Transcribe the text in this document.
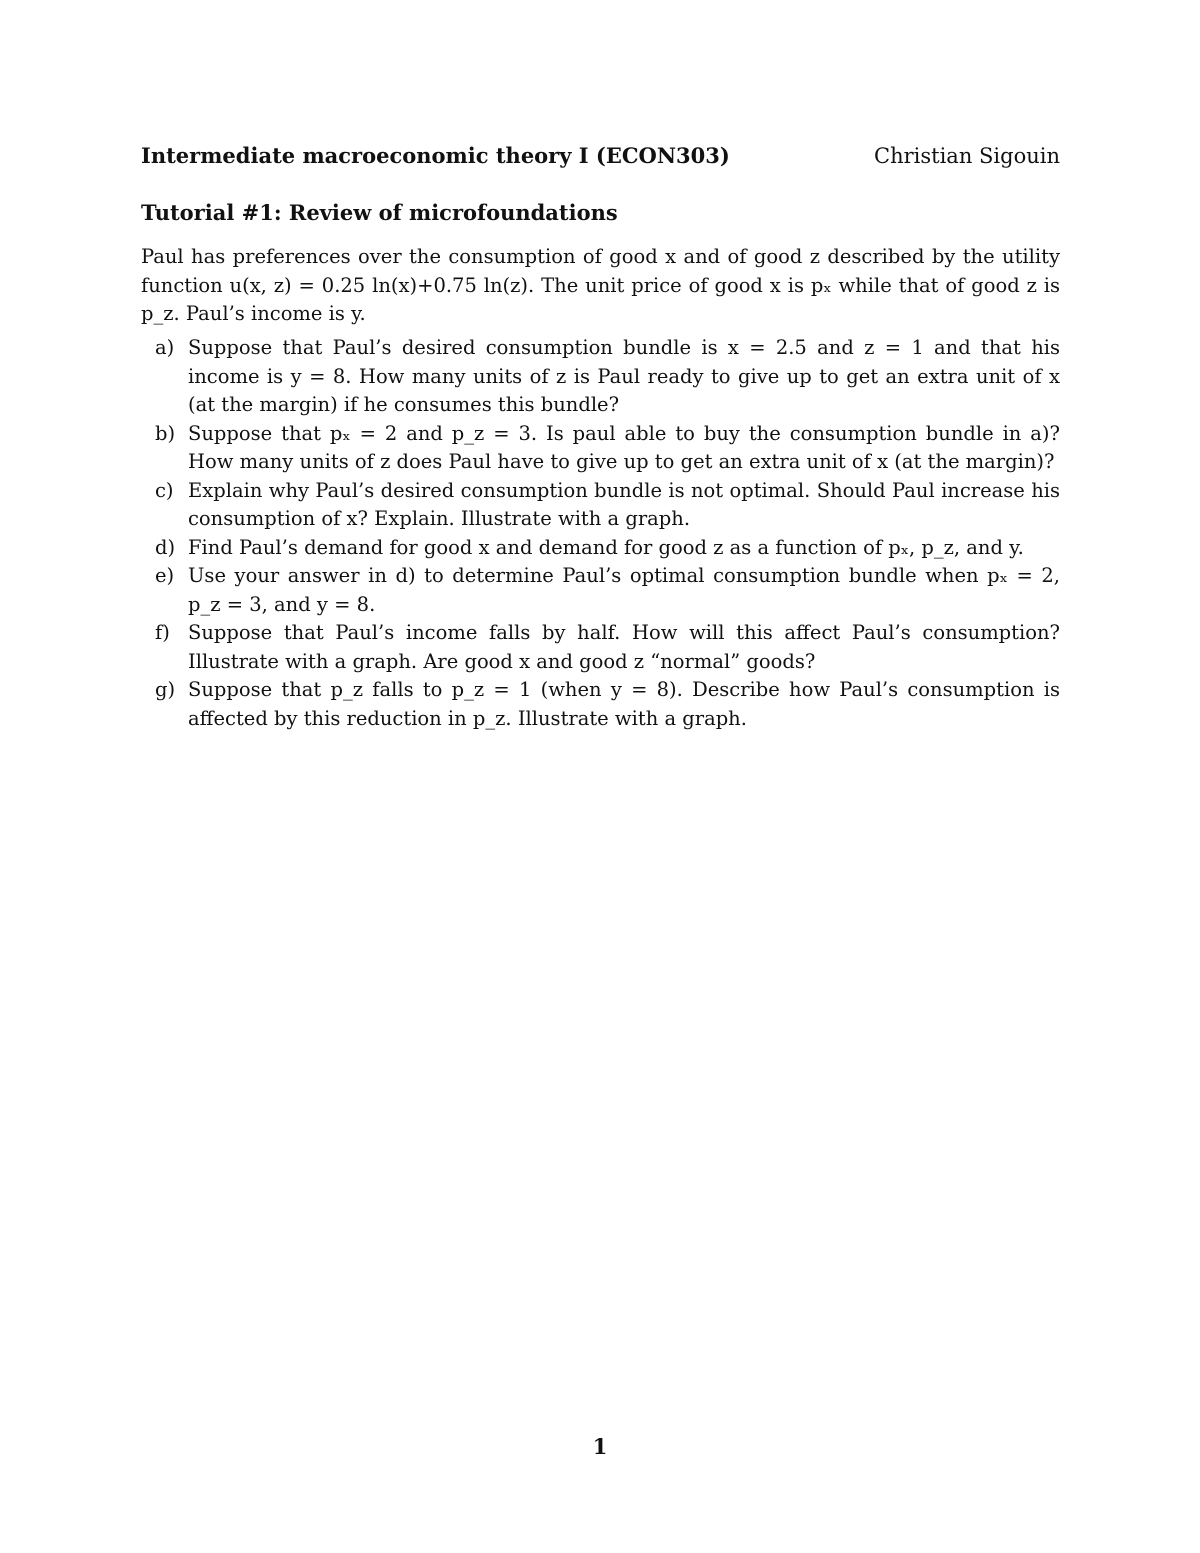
Intermediate macroeconomic theory I (ECON303)	Christian Sigouin
Tutorial #1: Review of microfoundations
Paul has preferences over the consumption of good x and of good z described by the utility function u(x, z) = 0.25 ln(x)+0.75 ln(z). The unit price of good x is pₓ while that of good z is p_z. Paul’s income is y.
a) Suppose that Paul’s desired consumption bundle is x = 2.5 and z = 1 and that his income is y = 8. How many units of z is Paul ready to give up to get an extra unit of x (at the margin) if he consumes this bundle?
b) Suppose that pₓ = 2 and p_z = 3. Is paul able to buy the consumption bundle in a)? How many units of z does Paul have to give up to get an extra unit of x (at the margin)?
c) Explain why Paul’s desired consumption bundle is not optimal. Should Paul increase his consumption of x? Explain. Illustrate with a graph.
d) Find Paul’s demand for good x and demand for good z as a function of pₓ, p_z, and y.
e) Use your answer in d) to determine Paul’s optimal consumption bundle when pₓ = 2, p_z = 3, and y = 8.
f) Suppose that Paul’s income falls by half. How will this affect Paul’s consumption? Illustrate with a graph. Are good x and good z “normal” goods?
g) Suppose that p_z falls to p_z = 1 (when y = 8). Describe how Paul’s consumption is affected by this reduction in p_z. Illustrate with a graph.
1
